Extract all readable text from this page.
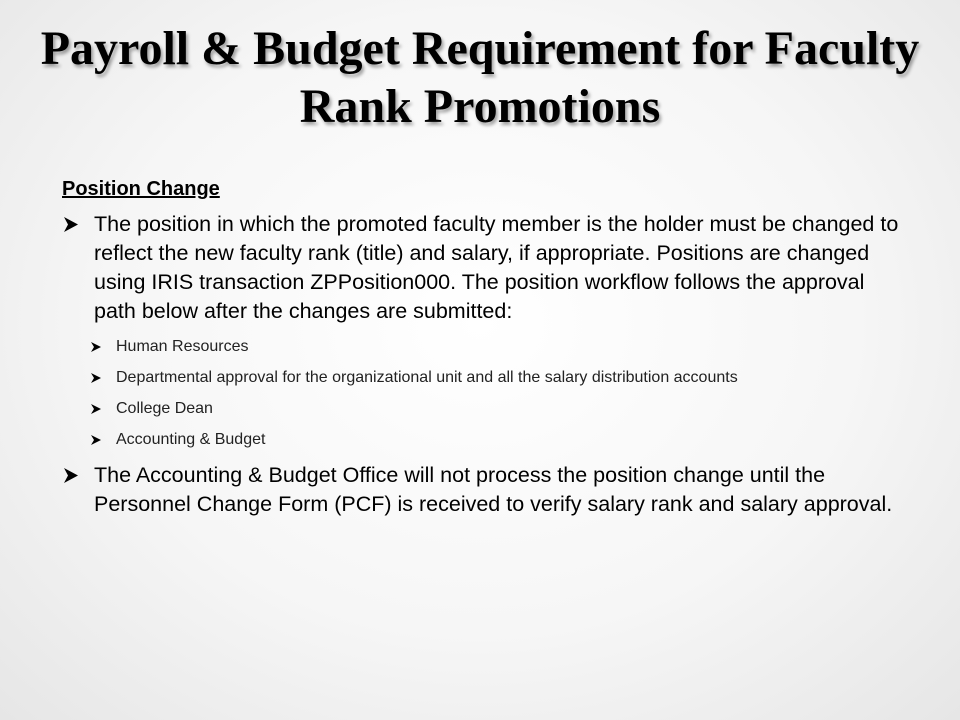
Payroll & Budget Requirement for Faculty Rank Promotions
Position Change
The position in which the promoted faculty member is the holder must be changed to reflect the new faculty rank (title) and salary, if appropriate. Positions are changed using IRIS transaction ZPPosition000. The position workflow follows the approval path below after the changes are submitted:
Human Resources
Departmental approval for the organizational unit and all the salary distribution accounts
College Dean
Accounting & Budget
The Accounting & Budget Office will not process the position change until the Personnel Change Form (PCF) is received to verify salary rank and salary approval.
